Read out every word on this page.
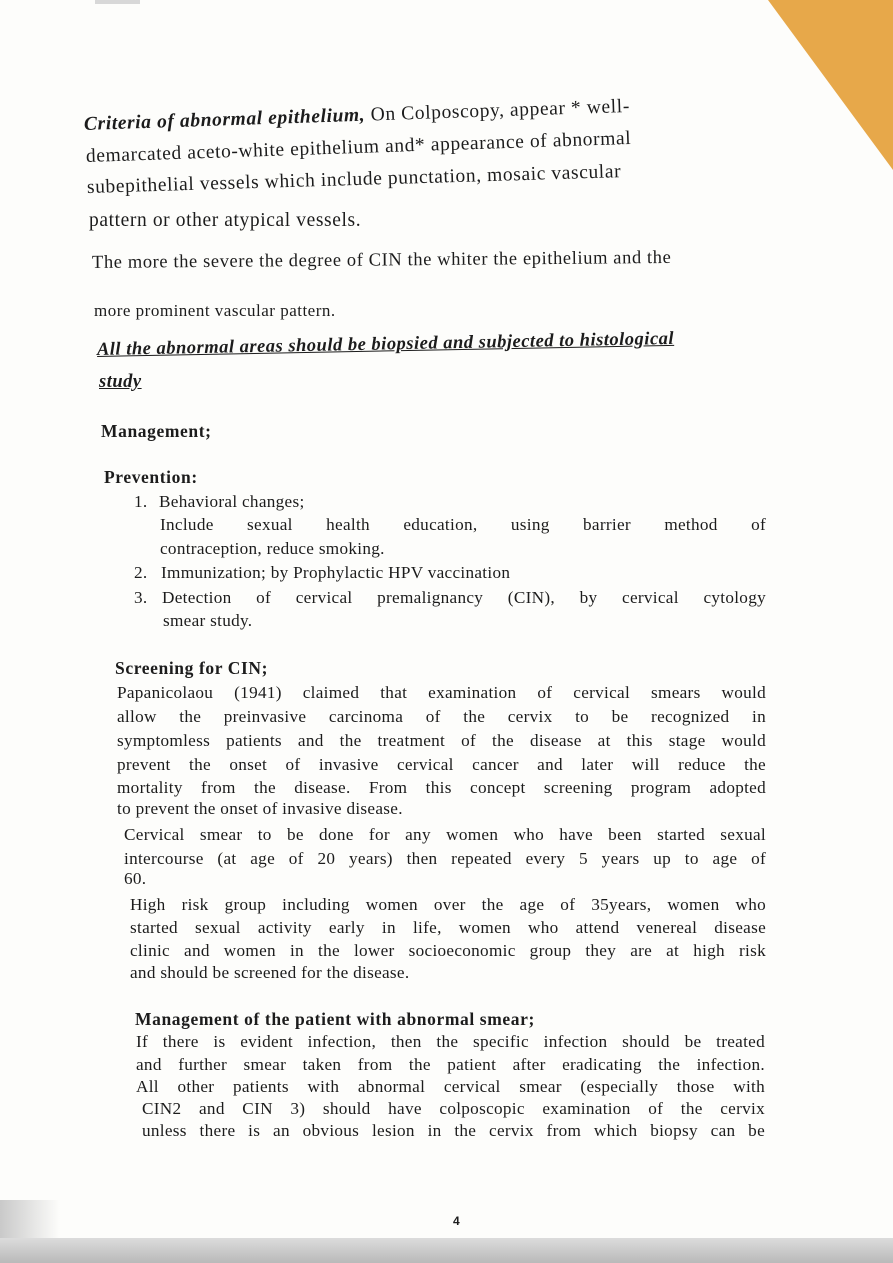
Criteria of abnormal epithelium, On Colposcopy, appear * well-
demarcated aceto-white epithelium and* appearance of abnormal
subepithelial vessels which include punctation, mosaic vascular
pattern or other atypical vessels.
The more the severe the degree of CIN the whiter the epithelium and the
more prominent vascular pattern.
All the abnormal areas should be biopsied and subjected to histological
study
Management;
Prevention:
1. Behavioral changes;
Include sexual health education, using barrier method of
contraception, reduce smoking.
2. Immunization; by Prophylactic HPV vaccination
3. Detection of cervical premalignancy (CIN), by cervical cytology
smear study.
Screening for CIN;
Papanicolaou (1941) claimed that examination of cervical smears would
allow the preinvasive carcinoma of the cervix to be recognized in
symptomless patients and the treatment of the disease at this stage would
prevent the onset of invasive cervical cancer and later will reduce the
mortality from the disease. From this concept screening program adopted
to prevent the onset of invasive disease.
Cervical smear to be done for any women who have been started sexual
intercourse (at age of 20 years) then repeated every 5 years up to age of
60.
High risk group including women over the age of 35years, women who
started sexual activity early in life, women who attend venereal disease
clinic and women in the lower socioeconomic group they are at high risk
and should be screened for the disease.
Management of the patient with abnormal smear;
If there is evident infection, then the specific infection should be treated
and further smear taken from the patient after eradicating the infection.
All other patients with abnormal cervical smear (especially those with
CIN2 and CIN 3) should have colposcopic examination of the cervix
unless there is an obvious lesion in the cervix from which biopsy can be
4
